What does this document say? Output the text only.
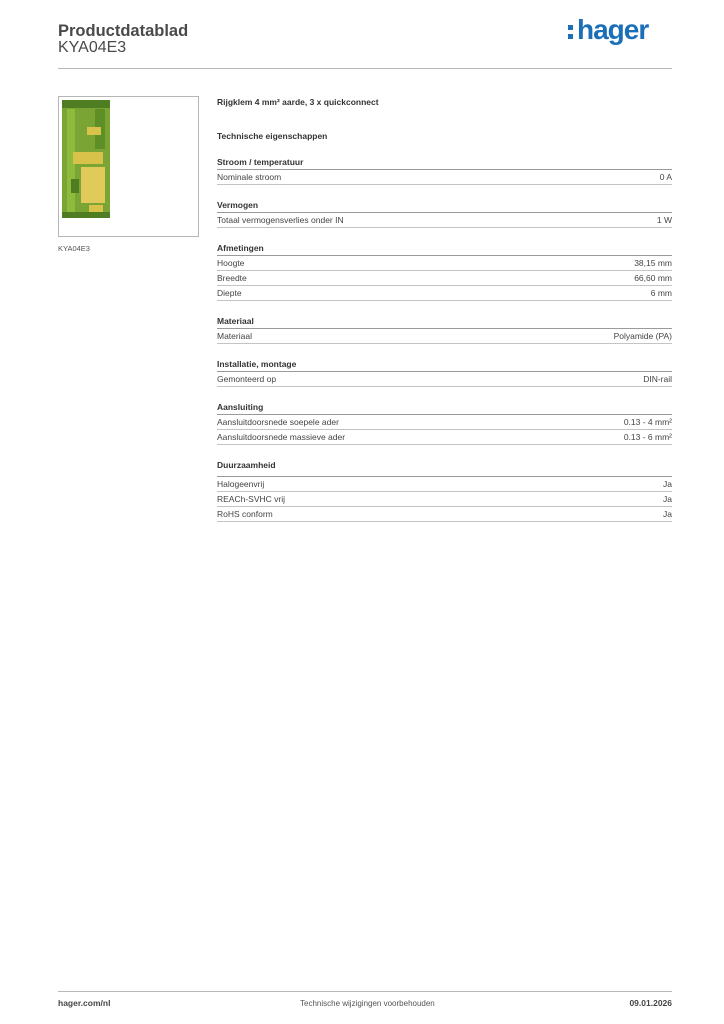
Productdatablad
KYA04E3
hager
KYA04E3
Rijgklem 4 mm² aarde, 3 x quickconnect
Technische eigenschappen
Stroom / temperatuur
Nominale stroom	0 A
Vermogen
Totaal vermogensverlies onder IN	1 W
Afmetingen
Hoogte	38,15 mm
Breedte	66,60 mm
Diepte	6 mm
Materiaal
Materiaal	Polyamide (PA)
Installatie, montage
Gemonteerd op	DIN-rail
Aansluiting
Aansluitdoorsnede soepele ader	0.13 - 4 mm²
Aansluitdoorsnede massieve ader	0.13 - 6 mm²
Duurzaamheid
Halogeenvrij	Ja
REACh-SVHC vrij	Ja
RoHS conform	Ja
hager.com/nl	Technische wijzigingen voorbehouden	09.01.2026
